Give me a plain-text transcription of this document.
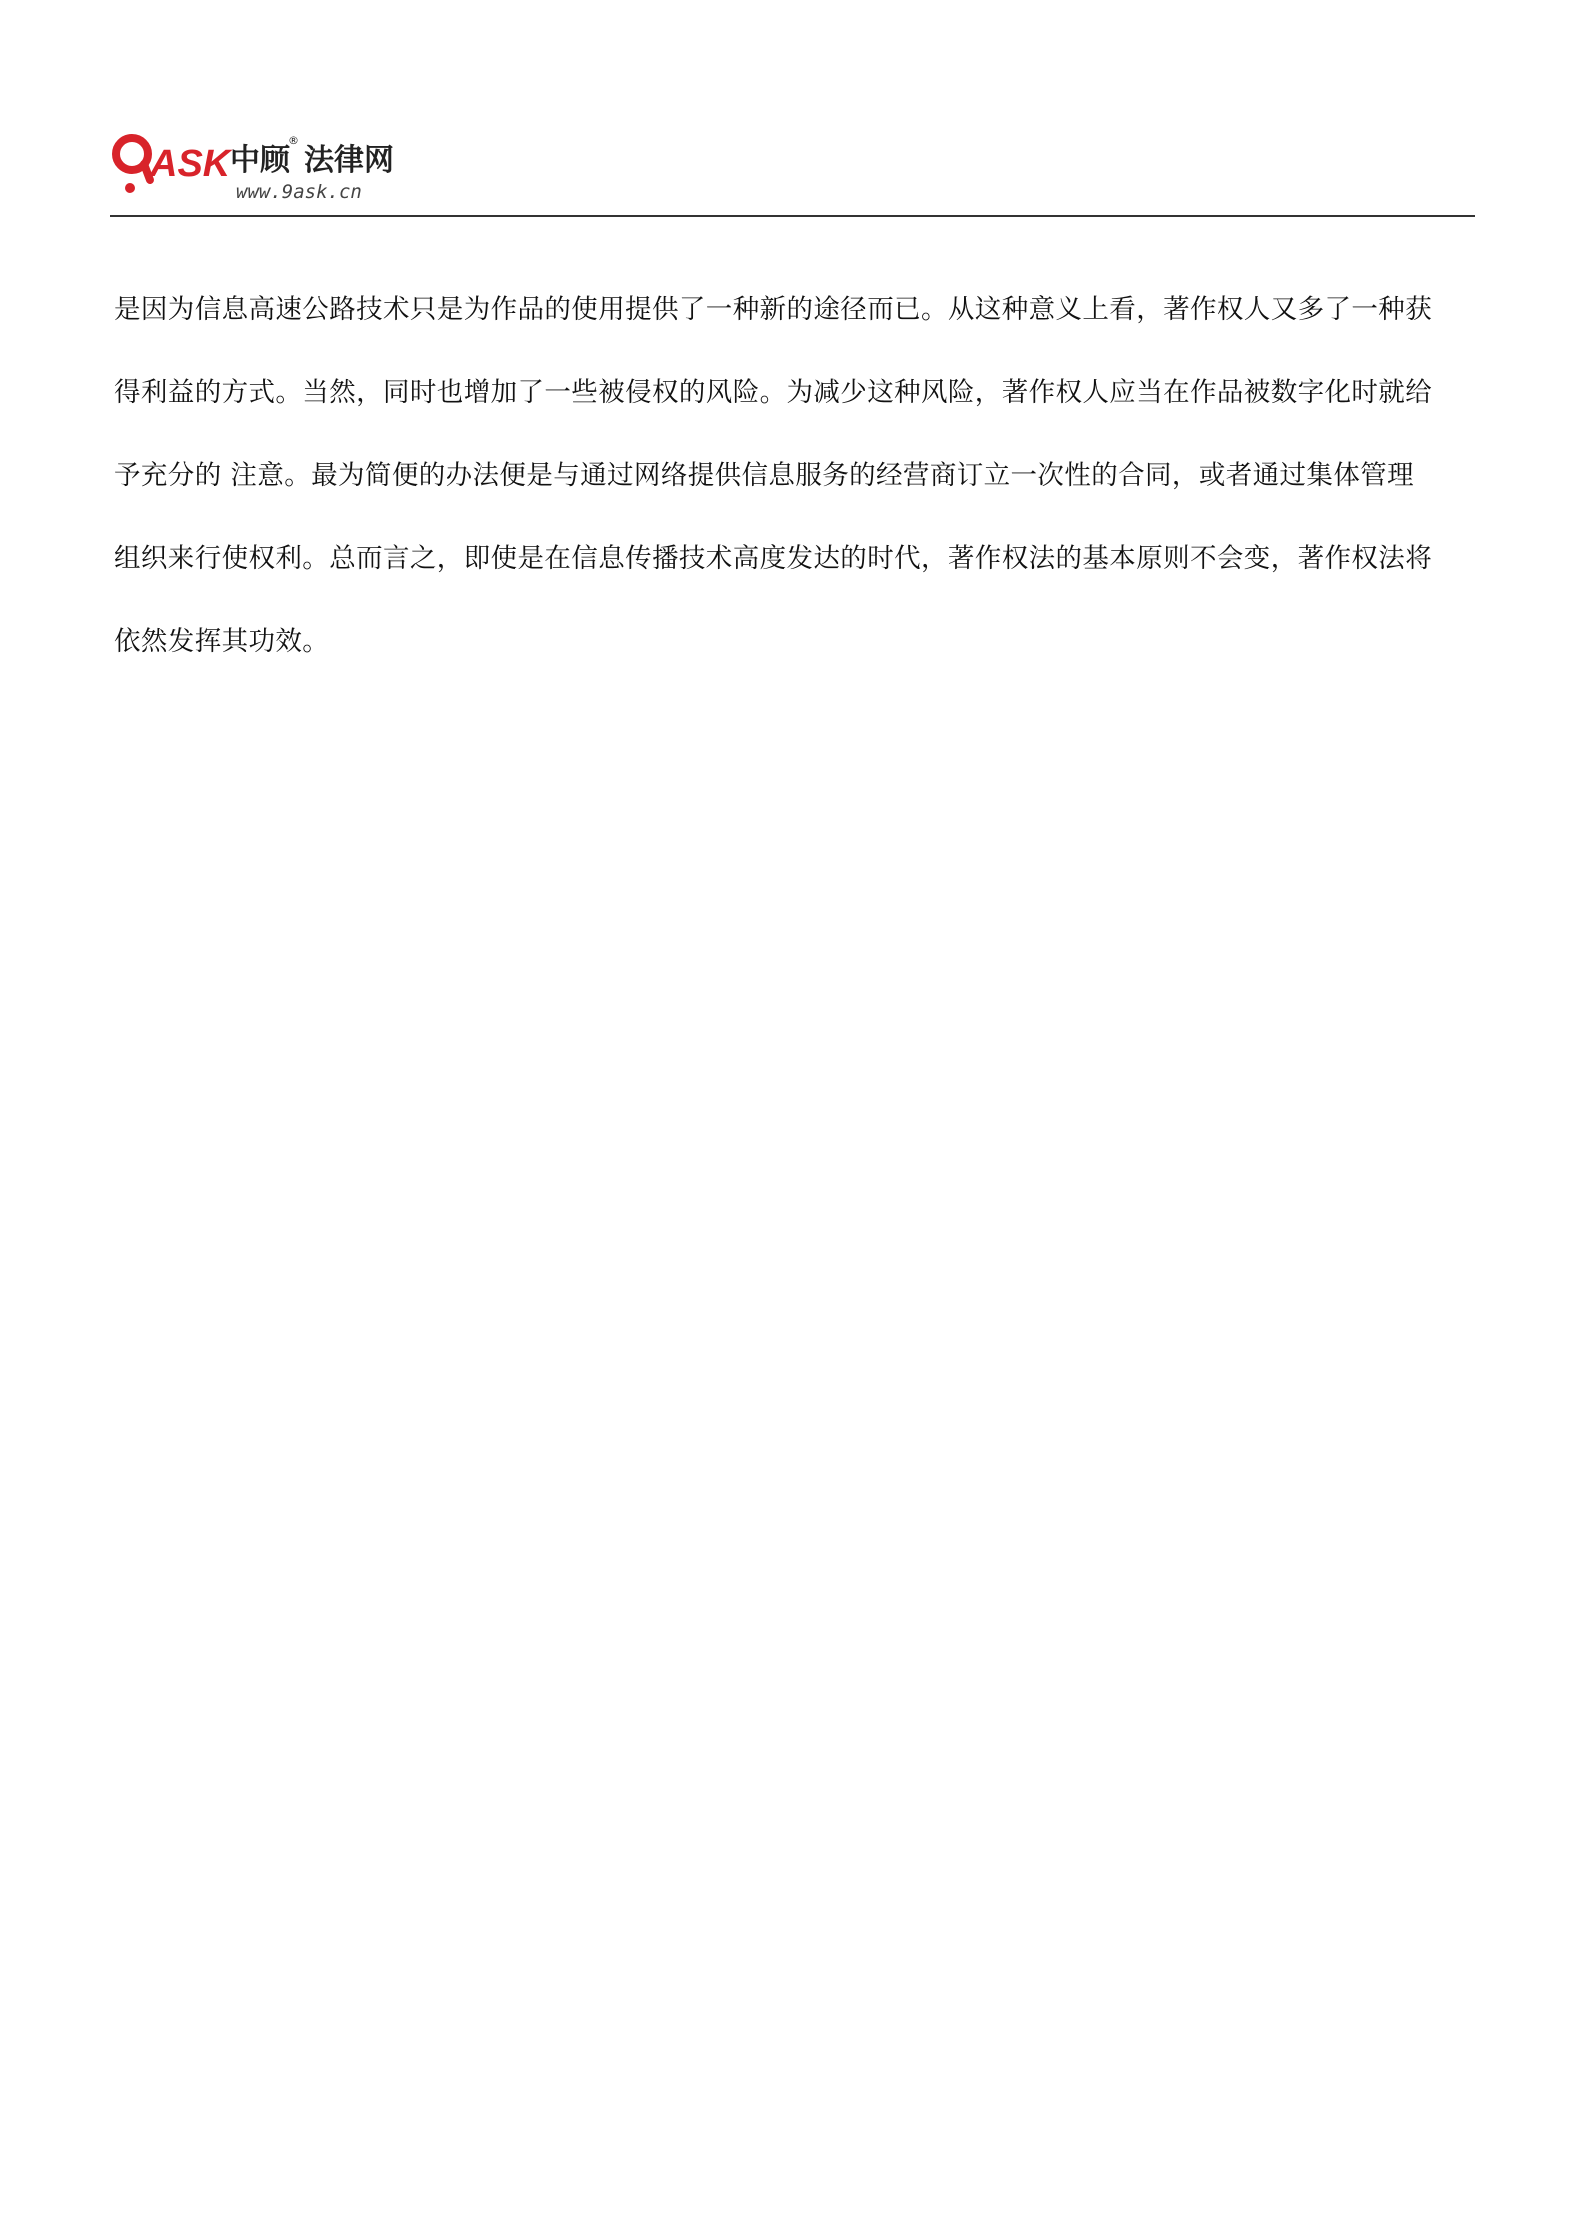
ASK 中顾
®
法律网
www.9ask.cn
是因为信息高速公路技术只是为作品的使用提供了一种新的途径而已。从这种意义上看，著作权人又多了一种获
得利益的方式。当然，同时也增加了一些被侵权的风险。为减少这种风险，著作权人应当在作品被数字化时就给
予充分的 注意。最为简便的办法便是与通过网络提供信息服务的经营商订立一次性的合同，或者通过集体管理
组织来行使权利。总而言之，即使是在信息传播技术高度发达的时代，著作权法的基本原则不会变，著作权法将
依然发挥其功效。
